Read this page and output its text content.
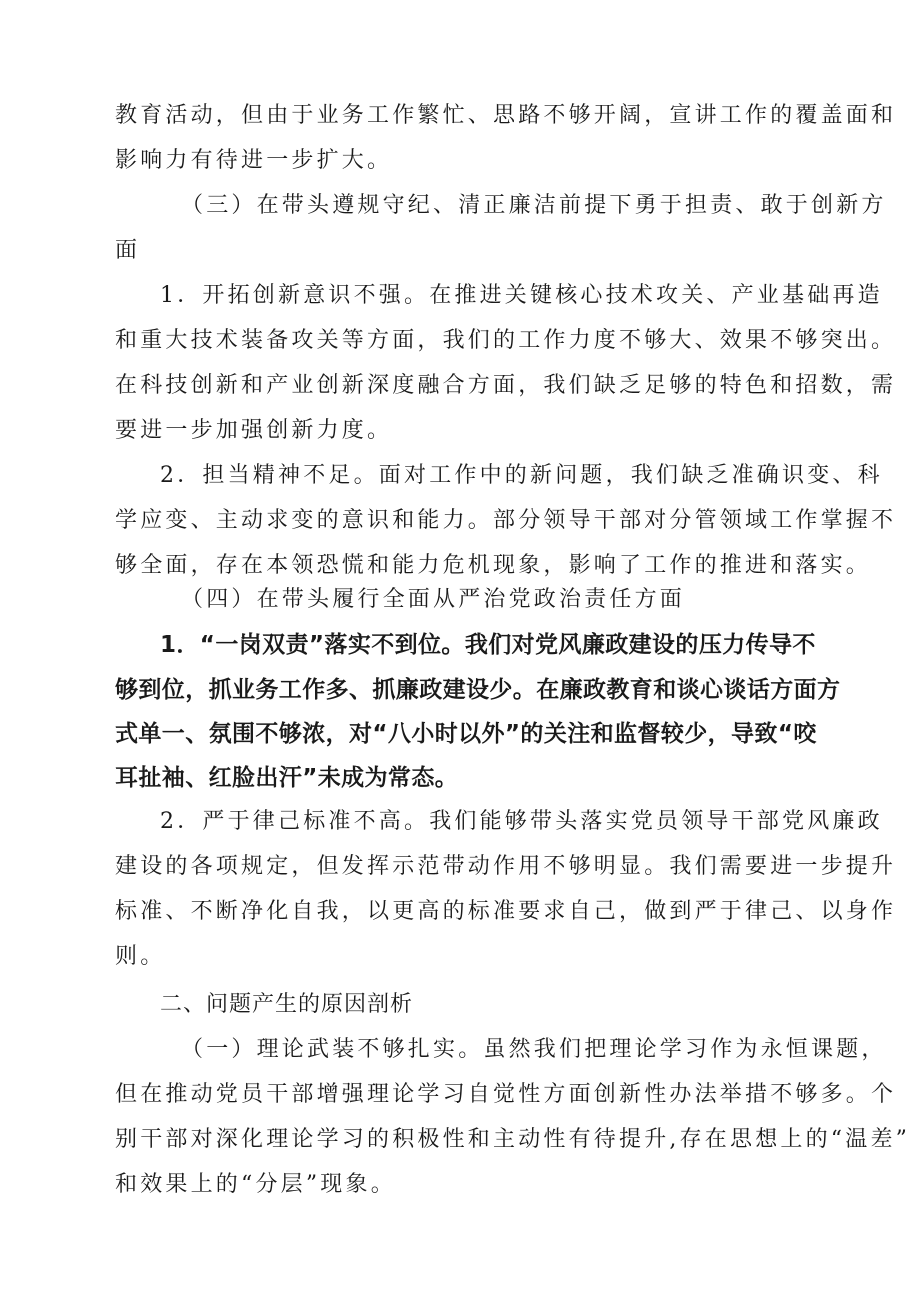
教育活动，但由于业务工作繁忙、思路不够开阔，宣讲工作的覆盖面和
影响力有待进一步扩大。
（三）在带头遵规守纪、清正廉洁前提下勇于担责、敢于创新方
面
1．开拓创新意识不强。在推进关键核心技术攻关、产业基础再造
和重大技术装备攻关等方面，我们的工作力度不够大、效果不够突出。
在科技创新和产业创新深度融合方面，我们缺乏足够的特色和招数，需
要进一步加强创新力度。
2．担当精神不足。面对工作中的新问题，我们缺乏准确识变、科
学应变、主动求变的意识和能力。部分领导干部对分管领域工作掌握不
够全面，存在本领恐慌和能力危机现象，影响了工作的推进和落实。
（四）在带头履行全面从严治党政治责任方面
1．“一岗双责”落实不到位。我们对党风廉政建设的压力传导不
够到位，抓业务工作多、抓廉政建设少。在廉政教育和谈心谈话方面方
式单一、氛围不够浓，对“八小时以外”的关注和监督较少，导致“咬
耳扯袖、红脸出汗”未成为常态。
2．严于律己标准不高。我们能够带头落实党员领导干部党风廉政
建设的各项规定，但发挥示范带动作用不够明显。我们需要进一步提升
标准、不断净化自我，以更高的标准要求自己，做到严于律己、以身作
则。
二、问题产生的原因剖析
（一）理论武装不够扎实。虽然我们把理论学习作为永恒课题，
但在推动党员干部增强理论学习自觉性方面创新性办法举措不够多。个
别干部对深化理论学习的积极性和主动性有待提升,存在思想上的“温差”
和效果上的“分层”现象。
